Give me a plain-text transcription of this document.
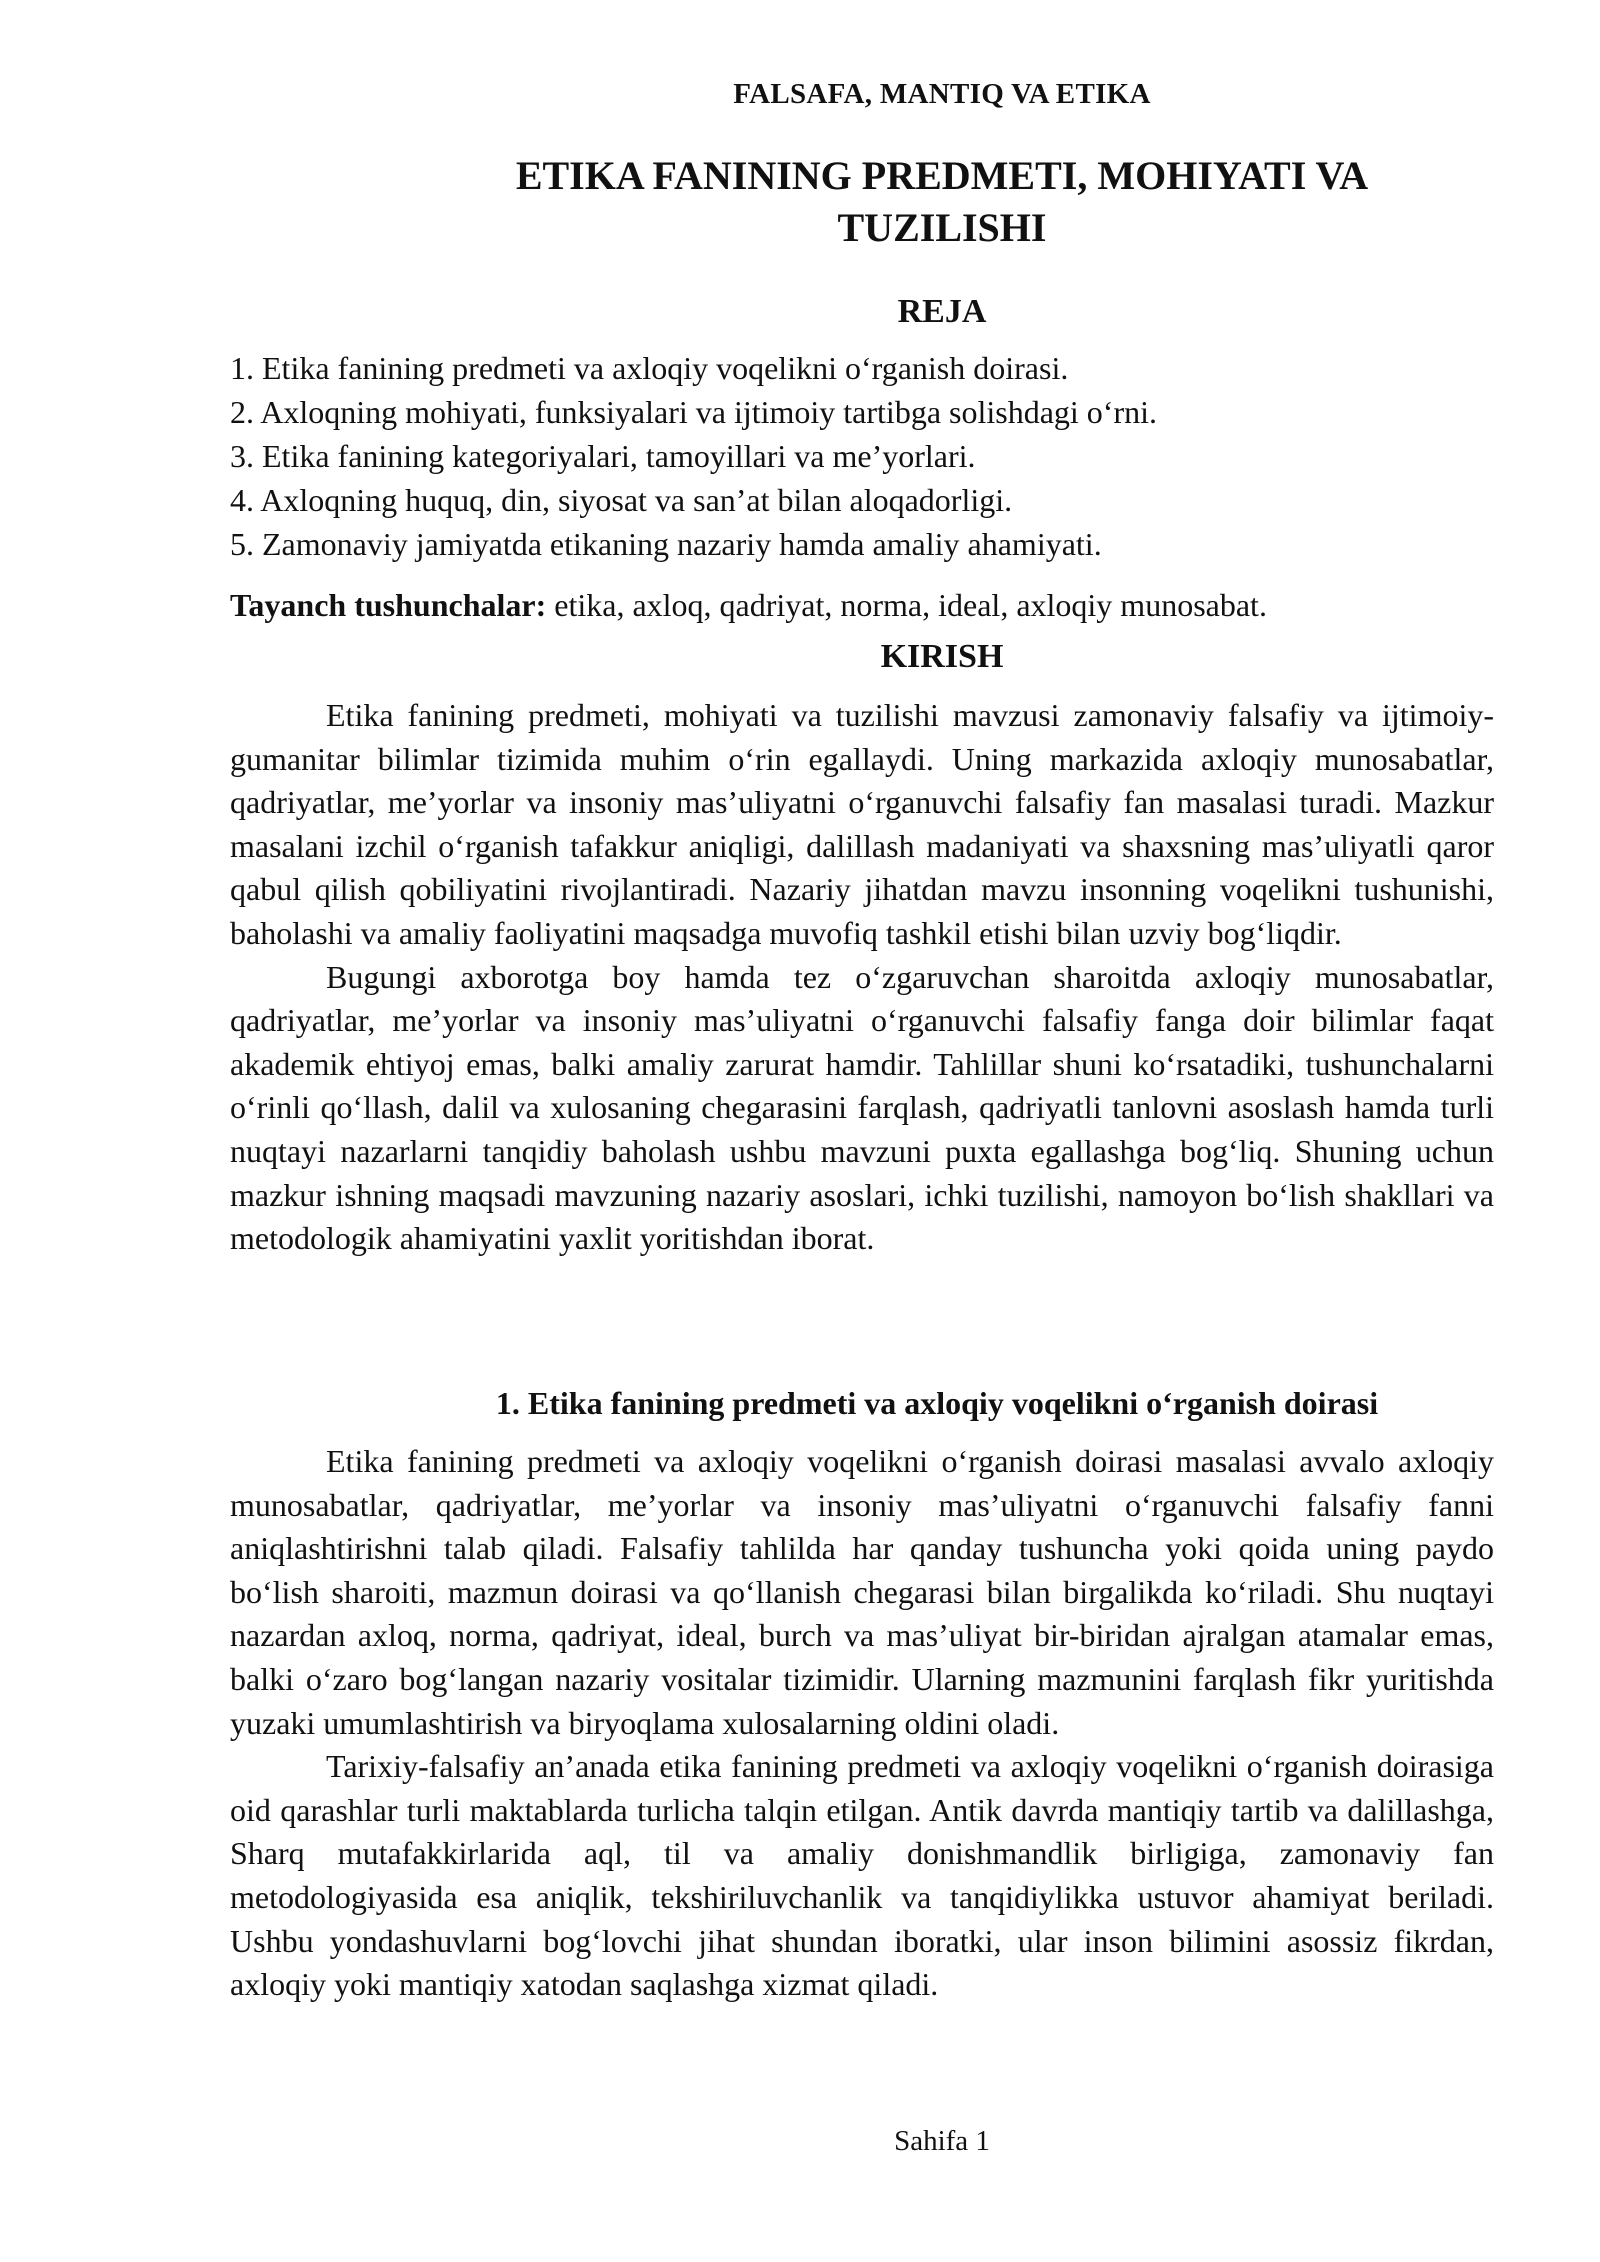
FALSAFA, MANTIQ VA ETIKA
ETIKA FANINING PREDMETI, MOHIYATI VA
TUZILISHI
REJA
1. Etika fanining predmeti va axloqiy voqelikni o‘rganish doirasi.
2. Axloqning mohiyati, funksiyalari va ijtimoiy tartibga solishdagi o‘rni.
3. Etika fanining kategoriyalari, tamoyillari va me’yorlari.
4. Axloqning huquq, din, siyosat va san’at bilan aloqadorligi.
5. Zamonaviy jamiyatda etikaning nazariy hamda amaliy ahamiyati.
Tayanch tushunchalar: etika, axloq, qadriyat, norma, ideal, axloqiy munosabat.
KIRISH

Etika fanining predmeti, mohiyati va tuzilishi mavzusi zamonaviy falsafiy va ijtimoiy-gumanitar bilimlar tizimida muhim o‘rin egallaydi. Uning markazida axloqiy munosabatlar, qadriyatlar, me’yorlar va insoniy mas’uliyatni o‘rganuvchi falsafiy fan masalasi turadi. Mazkur masalani izchil o‘rganish tafakkur aniqligi, dalillash madaniyati va shaxsning mas’uliyatli qaror qabul qilish qobiliyatini rivojlantiradi. Nazariy jihatdan mavzu insonning voqelikni tushunishi, baholashi va amaliy faoliyatini maqsadga muvofiq tashkil etishi bilan uzviy bog‘liqdir.

Bugungi axborotga boy hamda tez o‘zgaruvchan sharoitda axloqiy munosabatlar, qadriyatlar, me’yorlar va insoniy mas’uliyatni o‘rganuvchi falsafiy fanga doir bilimlar faqat akademik ehtiyoj emas, balki amaliy zarurat hamdir. Tahlillar shuni ko‘rsatadiki, tushunchalarni o‘rinli qo‘llash, dalil va xulosaning chegarasini farqlash, qadriyatli tanlovni asoslash hamda turli nuqtayi nazarlarni tanqidiy baholash ushbu mavzuni puxta egallashga bog‘liq. Shuning uchun mazkur ishning maqsadi mavzuning nazariy asoslari, ichki tuzilishi, namoyon bo‘lish shakllari va metodologik ahamiyatini yaxlit yoritishdan iborat.

1. Etika fanining predmeti va axloqiy voqelikni o‘rganish doirasi

Etika fanining predmeti va axloqiy voqelikni o‘rganish doirasi masalasi avvalo axloqiy munosabatlar, qadriyatlar, me’yorlar va insoniy mas’uliyatni o‘rganuvchi falsafiy fanni aniqlashtirishni talab qiladi. Falsafiy tahlilda har qanday tushuncha yoki qoida uning paydo bo‘lish sharoiti, mazmun doirasi va qo‘llanish chegarasi bilan birgalikda ko‘riladi. Shu nuqtayi nazardan axloq, norma, qadriyat, ideal, burch va mas’uliyat bir-biridan ajralgan atamalar emas, balki o‘zaro bog‘langan nazariy vositalar tizimidir. Ularning mazmunini farqlash fikr yuritishda yuzaki umumlashtirish va biryoqlama xulosalarning oldini oladi.

Tarixiy-falsafiy an’anada etika fanining predmeti va axloqiy voqelikni o‘rganish doirasiga oid qarashlar turli maktablarda turlicha talqin etilgan. Antik davrda mantiqiy tartib va dalillashga, Sharq mutafakkirlarida aql, til va amaliy donishmandlik birligiga, zamonaviy fan metodologiyasida esa aniqlik, tekshiriluvchanlik va tanqidiylikka ustuvor ahamiyat beriladi. Ushbu yondashuvlarni bog‘lovchi jihat shundan iboratki, ular inson bilimini asossiz fikrdan, axloqiy yoki mantiqiy xatodan saqlashga xizmat qiladi.

Sahifa 1
